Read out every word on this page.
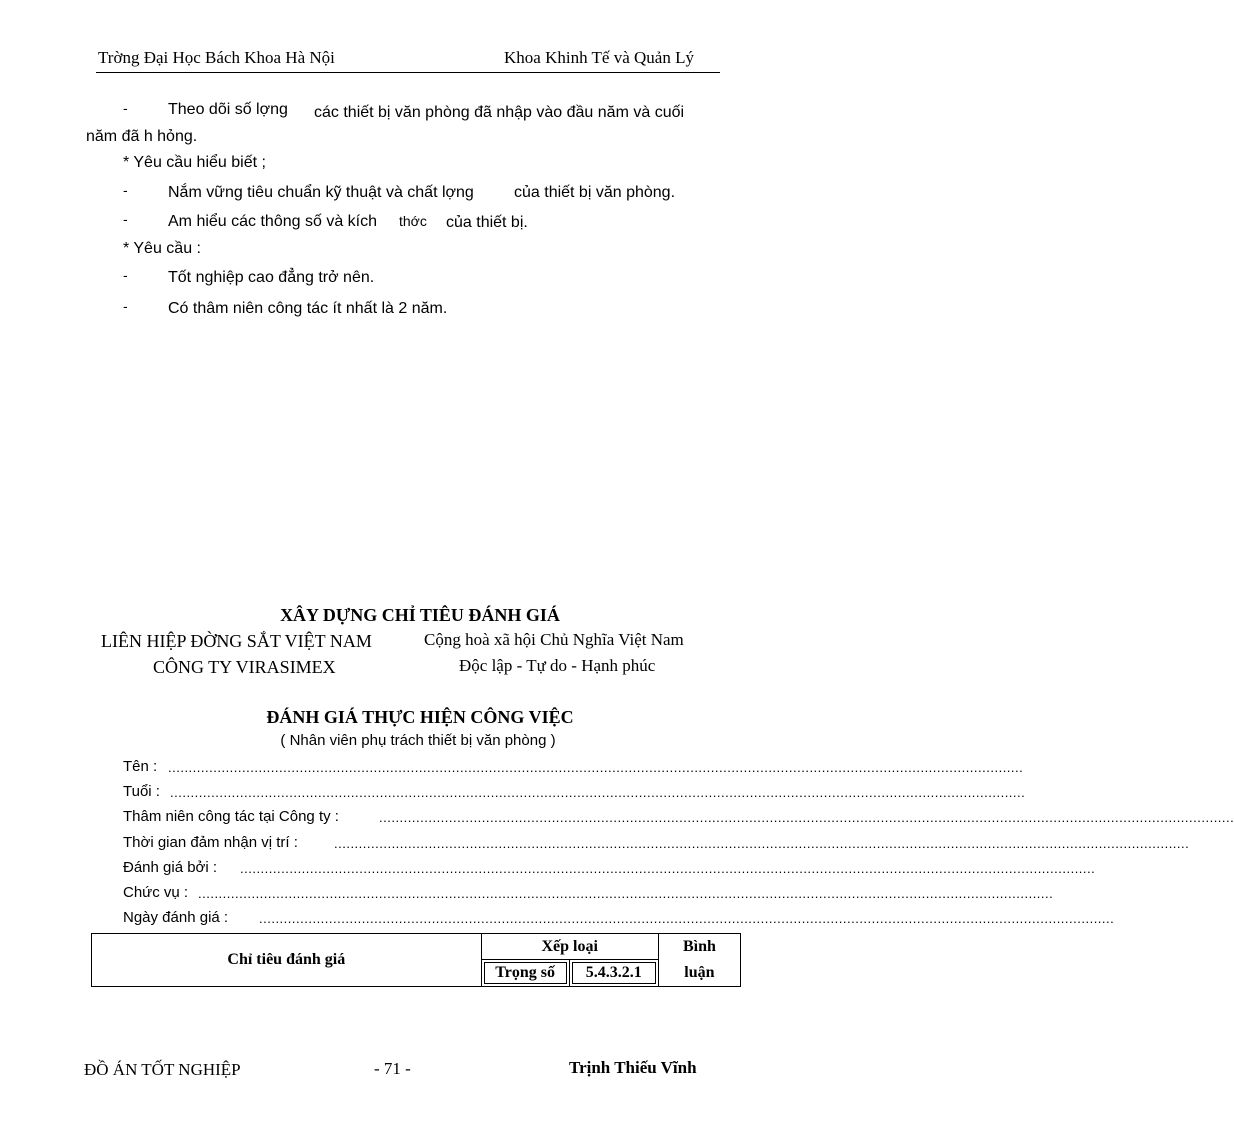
Trờng Đại Học Bách Khoa Hà Nội	Khoa Khinh Tế và Quản Lý
-	Theo dõi số lợng các thiết bị văn phòng đã nhập vào đầu năm và cuối
năm đã h hỏng.
* Yêu cầu hiểu biết ;
-	Nắm vững tiêu chuẩn kỹ thuật và chất lợng	của thiết bị văn phòng.
-	Am hiểu các thông số và kích thớc của thiết bị.
* Yêu cầu :
-	Tốt nghiệp cao đẳng trở nên.
-	Có thâm niên công tác ít nhất là 2 năm.
XÂY DỰNG CHỈ TIÊU ĐÁNH GIÁ
LIÊN HIỆP ĐỜNG SẮT VIỆT NAM
CÔNG TY VIRASIMEX
Cộng hoà xã hội Chủ Nghĩa Việt Nam
Độc lập - Tự do - Hạnh phúc
ĐÁNH GIÁ THỰC HIỆN CÔNG VIỆC
( Nhân viên phụ trách thiết bị văn phòng )
Tên : ................................................................................................................................................................................................................
Tuổi : ................................................................................................................................................................................................................
Thâm niên công tác tại Công ty :	................................................................................................................................................................................................................
Thời gian đảm nhận vị trí :	................................................................................................................................................................................................................
Đánh giá bởi : ................................................................................................................................................................................................................
Chức vụ : ................................................................................................................................................................................................................
Ngày đánh giá : ................................................................................................................................................................................................................
Chỉ tiêu đánh giá	Xếp loại		Bình

	Trọng số	5.4.3.2.1	luận
ĐỒ ÁN TỐT NGHIỆP	- 71 -	Trịnh Thiếu Vĩnh
